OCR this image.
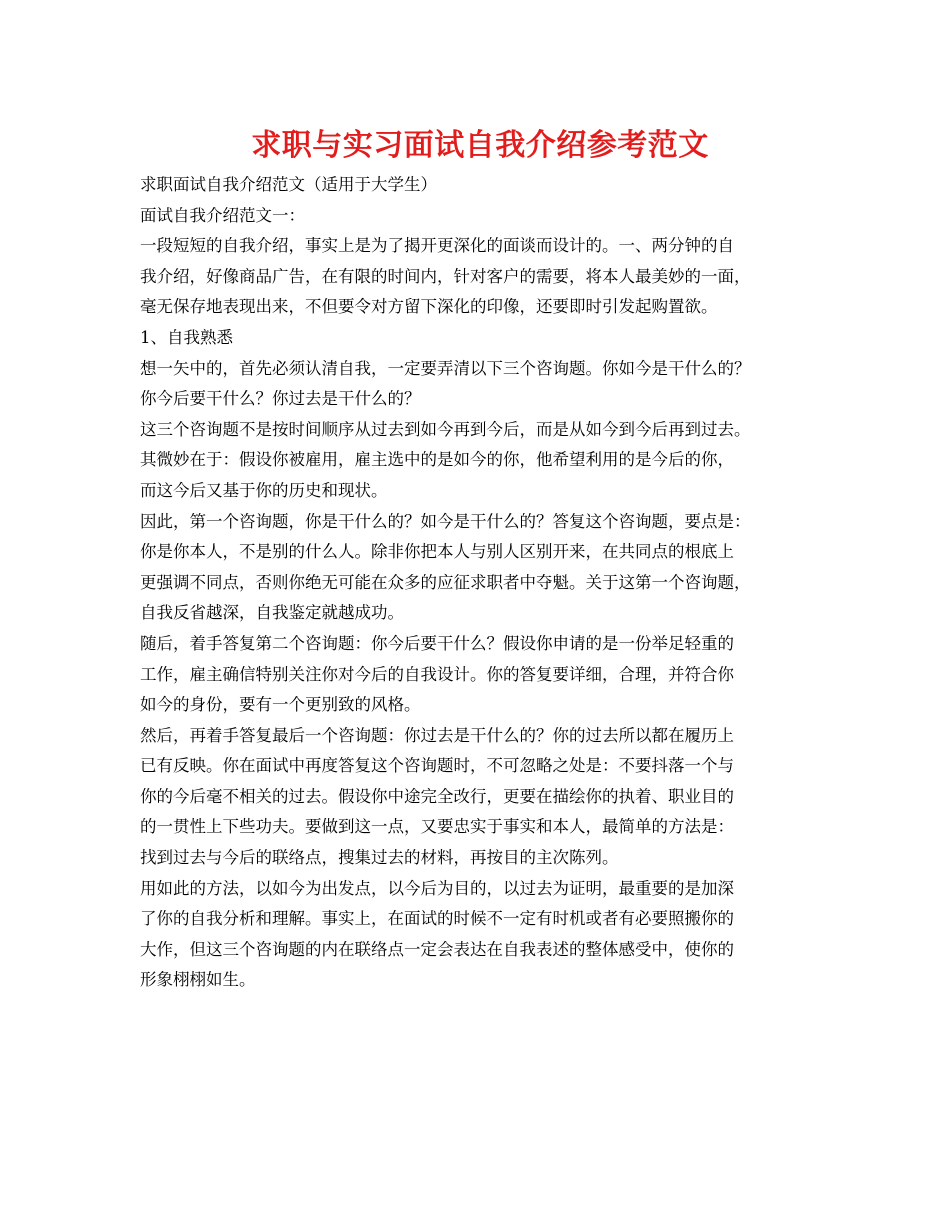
求职与实习面试自我介绍参考范文

求职面试自我介绍范文（适用于大学生）

面试自我介绍范文一：

一段短短的自我介绍，事实上是为了揭开更深化的面谈而设计的。一、两分钟的自
我介绍，好像商品广告，在有限的时间内，针对客户的需要，将本人最美妙的一面，
毫无保存地表现出来，不但要令对方留下深化的印像，还要即时引发起购置欲。

1、自我熟悉

想一矢中的，首先必须认清自我，一定要弄清以下三个咨询题。你如今是干什么的？
你今后要干什么？你过去是干什么的？

这三个咨询题不是按时间顺序从过去到如今再到今后，而是从如今到今后再到过去。
其微妙在于：假设你被雇用，雇主选中的是如今的你，他希望利用的是今后的你，
而这今后又基于你的历史和现状。

因此，第一个咨询题，你是干什么的？如今是干什么的？答复这个咨询题，要点是：
你是你本人，不是别的什么人。除非你把本人与别人区别开来，在共同点的根底上
更强调不同点，否则你绝无可能在众多的应征求职者中夺魁。关于这第一个咨询题，
自我反省越深，自我鉴定就越成功。

随后，着手答复第二个咨询题：你今后要干什么？假设你申请的是一份举足轻重的
工作，雇主确信特别关注你对今后的自我设计。你的答复要详细，合理，并符合你
如今的身份，要有一个更别致的风格。

然后，再着手答复最后一个咨询题：你过去是干什么的？你的过去所以都在履历上
已有反映。你在面试中再度答复这个咨询题时，不可忽略之处是：不要抖落一个与
你的今后毫不相关的过去。假设你中途完全改行，更要在描绘你的执着、职业目的
的一贯性上下些功夫。要做到这一点，又要忠实于事实和本人，最简单的方法是：
找到过去与今后的联络点，搜集过去的材料，再按目的主次陈列。

用如此的方法，以如今为出发点，以今后为目的，以过去为证明，最重要的是加深
了你的自我分析和理解。事实上，在面试的时候不一定有时机或者有必要照搬你的
大作，但这三个咨询题的内在联络点一定会表达在自我表述的整体感受中，使你的
形象栩栩如生。
